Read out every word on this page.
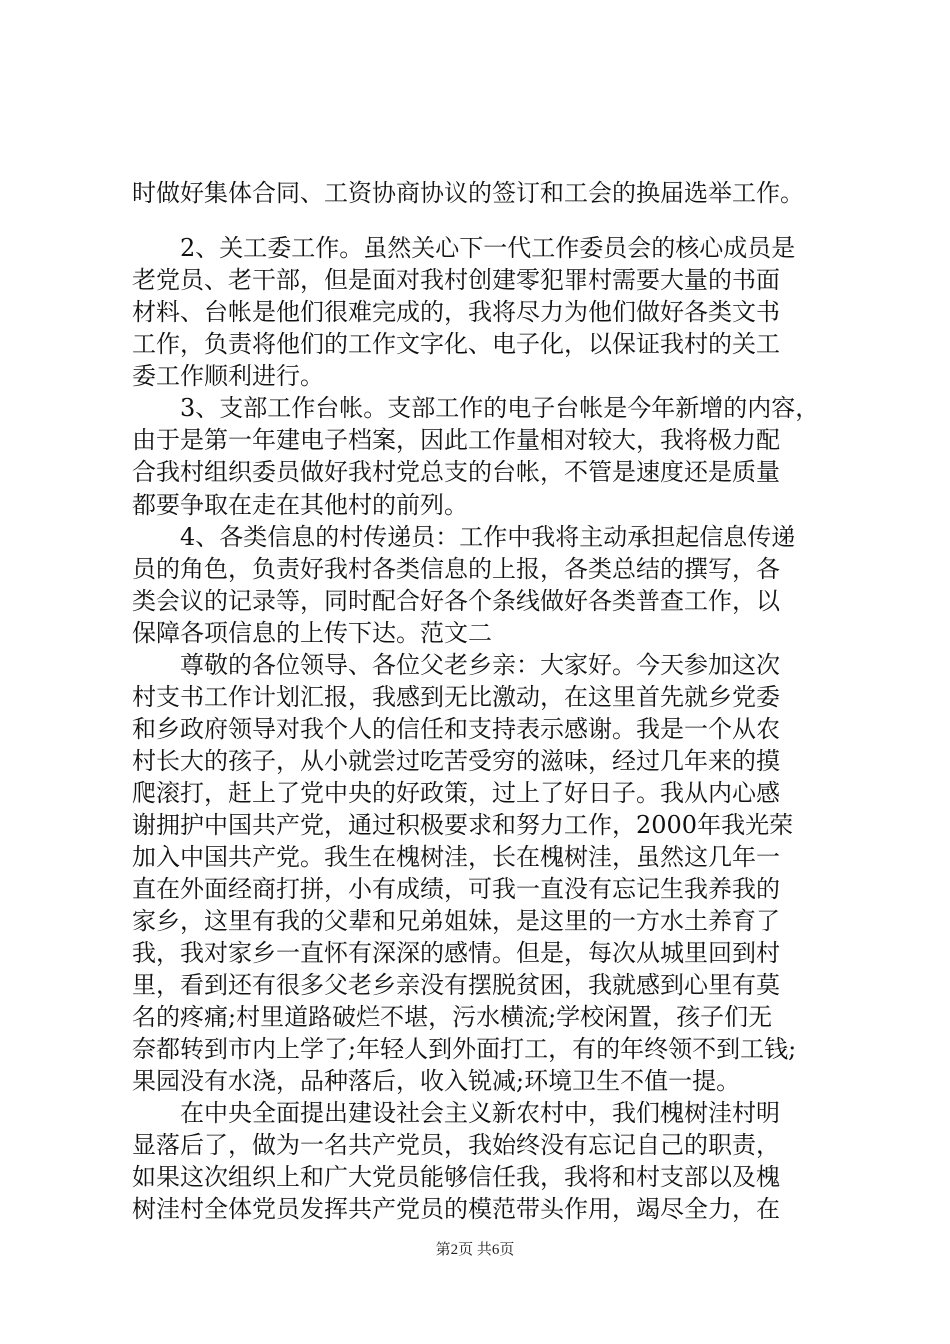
时做好集体合同、工资协商协议的签订和工会的换届选举工作。
2、关工委工作。虽然关心下一代工作委员会的核心成员是
老党员、老干部，但是面对我村创建零犯罪村需要大量的书面
材料、台帐是他们很难完成的，我将尽力为他们做好各类文书
工作，负责将他们的工作文字化、电子化，以保证我村的关工
委工作顺利进行。
3、支部工作台帐。支部工作的电子台帐是今年新增的内容，
由于是第一年建电子档案，因此工作量相对较大，我将极力配
合我村组织委员做好我村党总支的台帐，不管是速度还是质量
都要争取在走在其他村的前列。
4、各类信息的村传递员：工作中我将主动承担起信息传递
员的角色，负责好我村各类信息的上报，各类总结的撰写，各
类会议的记录等，同时配合好各个条线做好各类普查工作，以
保障各项信息的上传下达。范文二
尊敬的各位领导、各位父老乡亲：大家好。今天参加这次
村支书工作计划汇报，我感到无比激动，在这里首先就乡党委
和乡政府领导对我个人的信任和支持表示感谢。我是一个从农
村长大的孩子，从小就尝过吃苦受穷的滋味，经过几年来的摸
爬滚打，赶上了党中央的好政策，过上了好日子。我从内心感
谢拥护中国共产党，通过积极要求和努力工作，2000年我光荣
加入中国共产党。我生在槐树洼，长在槐树洼，虽然这几年一
直在外面经商打拼，小有成绩，可我一直没有忘记生我养我的
家乡，这里有我的父辈和兄弟姐妹，是这里的一方水土养育了
我，我对家乡一直怀有深深的感情。但是，每次从城里回到村
里，看到还有很多父老乡亲没有摆脱贫困，我就感到心里有莫
名的疼痛;村里道路破烂不堪，污水横流;学校闲置，孩子们无
奈都转到市内上学了;年轻人到外面打工，有的年终领不到工钱;
果园没有水浇，品种落后，收入锐减;环境卫生不值一提。
在中央全面提出建设社会主义新农村中，我们槐树洼村明
显落后了，做为一名共产党员，我始终没有忘记自己的职责，
如果这次组织上和广大党员能够信任我，我将和村支部以及槐
树洼村全体党员发挥共产党员的模范带头作用，竭尽全力，在
第2页 共6页
